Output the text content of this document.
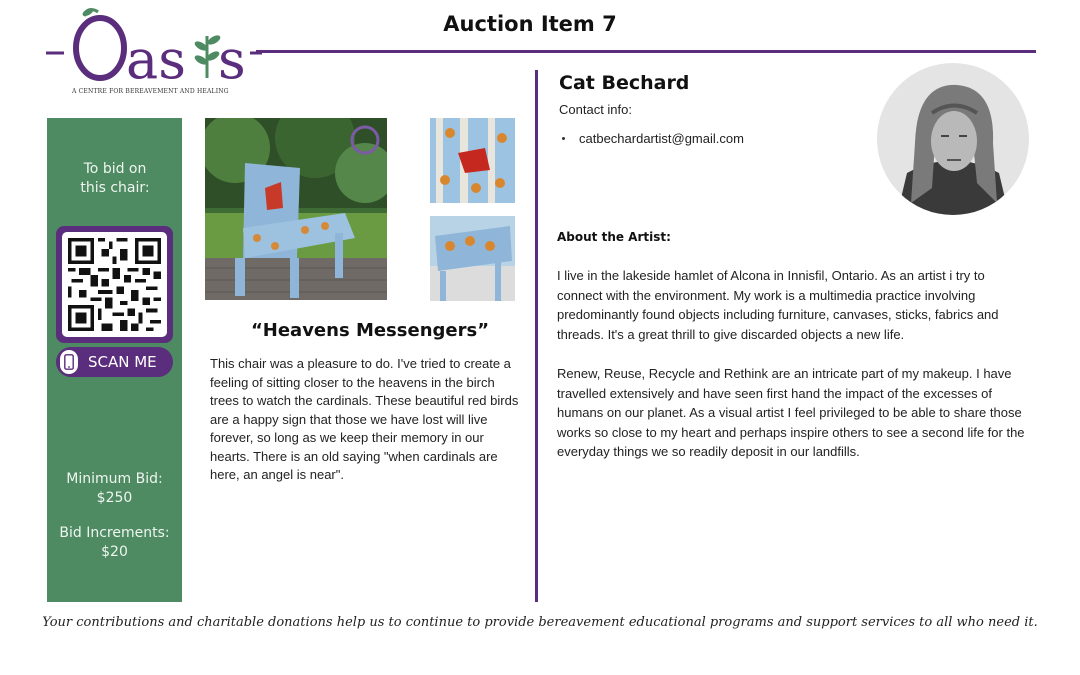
as s
A CENTRE FOR BEREAVEMENT AND HEALING
Auction Item 7
To bid on this chair:
SCAN ME
Minimum Bid:
$250
Bid Increments:
$20
“Heavens Messengers”
This chair was a pleasure to do. I've tried to create a feeling of sitting closer to the heavens in the birch trees to watch the cardinals. These beautiful red birds are a happy sign that those we have lost will live forever, so long as we keep their memory in our hearts. There is an old saying "when cardinals are here, an angel is near".
Cat Bechard
Contact info:
catbechardartist@gmail.com
About the Artist:
I live in the lakeside hamlet of Alcona in Innisfil, Ontario. As an artist i try to connect with the environment. My work is a multimedia practice involving predominantly found objects including furniture, canvases, sticks, fabrics and threads. It's a great thrill to give discarded objects a new life.
Renew, Reuse, Recycle and Rethink are an intricate part of my makeup. I have travelled extensively and have seen first hand the impact of the excesses of humans on our planet. As a visual artist I feel privileged to be able to share those works so close to my heart and perhaps inspire others to see a second life for the everyday things we so readily deposit in our landfills.
Your contributions and charitable donations help us to continue to provide bereavement educational programs and support services to all who need it.
